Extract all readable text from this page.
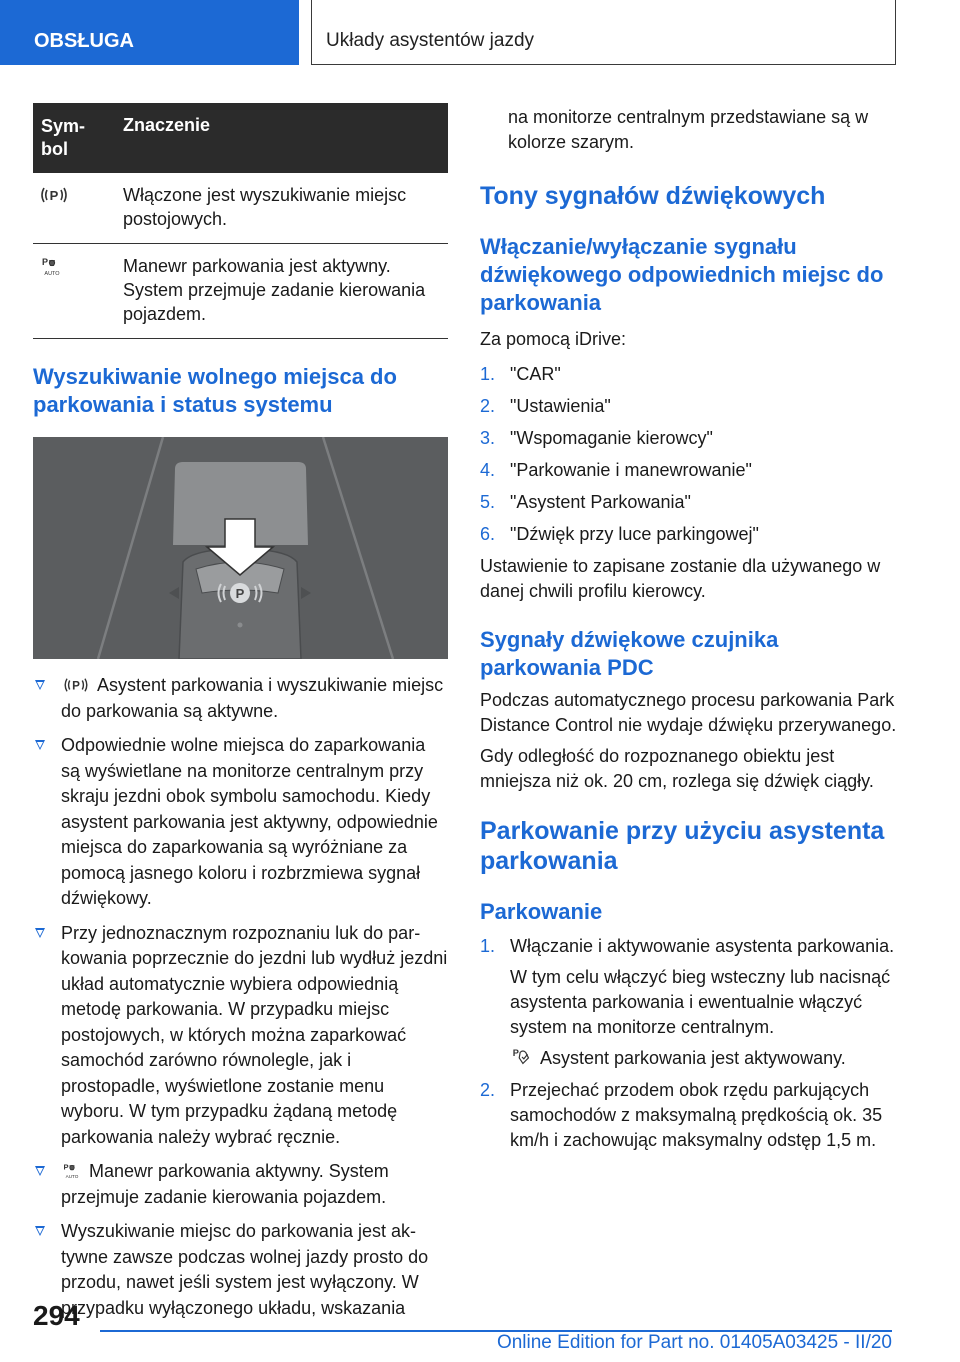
OBSŁUGA	Układy asystentów jazdy
Sym-
bol	Znaczenie

P	Włączone jest wyszukiwanie miejsc postojowych.

P
AUTO	Manewr parkowania jest aktywny. System przejmuje zadanie kierowania pojazdem.
Wyszukiwanie wolnego miejsca do parkowania i status systemu
P
P Asystent parkowania i wyszukiwanie miejsc do parkowania są aktywne.
Odpowiednie wolne miejsca do zaparkowania są wyświetlane na monitorze centralnym przy skraju jezdni obok symbolu samochodu. Kiedy asystent parkowania jest aktywny, odpowiednie miejsca do zaparkowania są wyróżniane za pomocą jasnego koloru i rozbrzmiewa sygnał dźwiękowy.
Przy jednoznacznym rozpoznaniu luk do parkowania poprzecznie do jezdni lub wydłuż jezdni układ automatycznie wybiera odpowiednią metodę parkowania. W przypadku miejsc postojowych, w których można zaparkować samochód zarówno równolegle, jak i prostopadle, wyświetlone zostanie menu wyboru. W tym przypadku żądaną metodę parkowania należy wybrać ręcznie.
P
AUTO Manewr parkowania aktywny. System przejmuje zadanie kierowania pojazdem.
Wyszukiwanie miejsc do parkowania jest aktywne zawsze podczas wolnej jazdy prosto do przodu, nawet jeśli system jest wyłączony. W przypadku wyłączonego układu, wskazania

na monitorze centralnym przedstawiane są w kolorze szarym.

Tony sygnałów dźwiękowych
Włączanie/wyłączanie sygnału dźwiękowego odpowiednich miejsc do parkowania

Za pomocą iDrive:

1. "CAR"
2. "Ustawienia"
3. "Wspomaganie kierowcy"
4. "Parkowanie i manewrowanie"
5. "Asystent Parkowania"
6. "Dźwięk przy luce parkingowej"

Ustawienie to zapisane zostanie dla używanego w danej chwili profilu kierowcy.

Sygnały dźwiękowe czujnika parkowania PDC

Podczas automatycznego procesu parkowania Park Distance Control nie wydaje dźwięku przerywanego.

Gdy odległość do rozpoznanego obiektu jest mniejsza niż ok. 20 cm, rozlega się dźwięk ciągły.

Parkowanie przy użyciu asystenta parkowania
Parkowanie
1. Włączanie i aktywowanie asystenta parkowania.

W tym celu włączyć bieg wsteczny lub nacisnąć asystenta parkowania i ewentualnie włączyć system na monitorze centralnym.

P Asystent parkowania jest aktywowany.

2. Przejechać przodem obok rzędu parkujących samochodów z maksymalną prędkością ok. 35 km/h i zachowując maksymalny odstęp 1,5 m.
294
Online Edition for Part no. 01405A03425 - II/20
